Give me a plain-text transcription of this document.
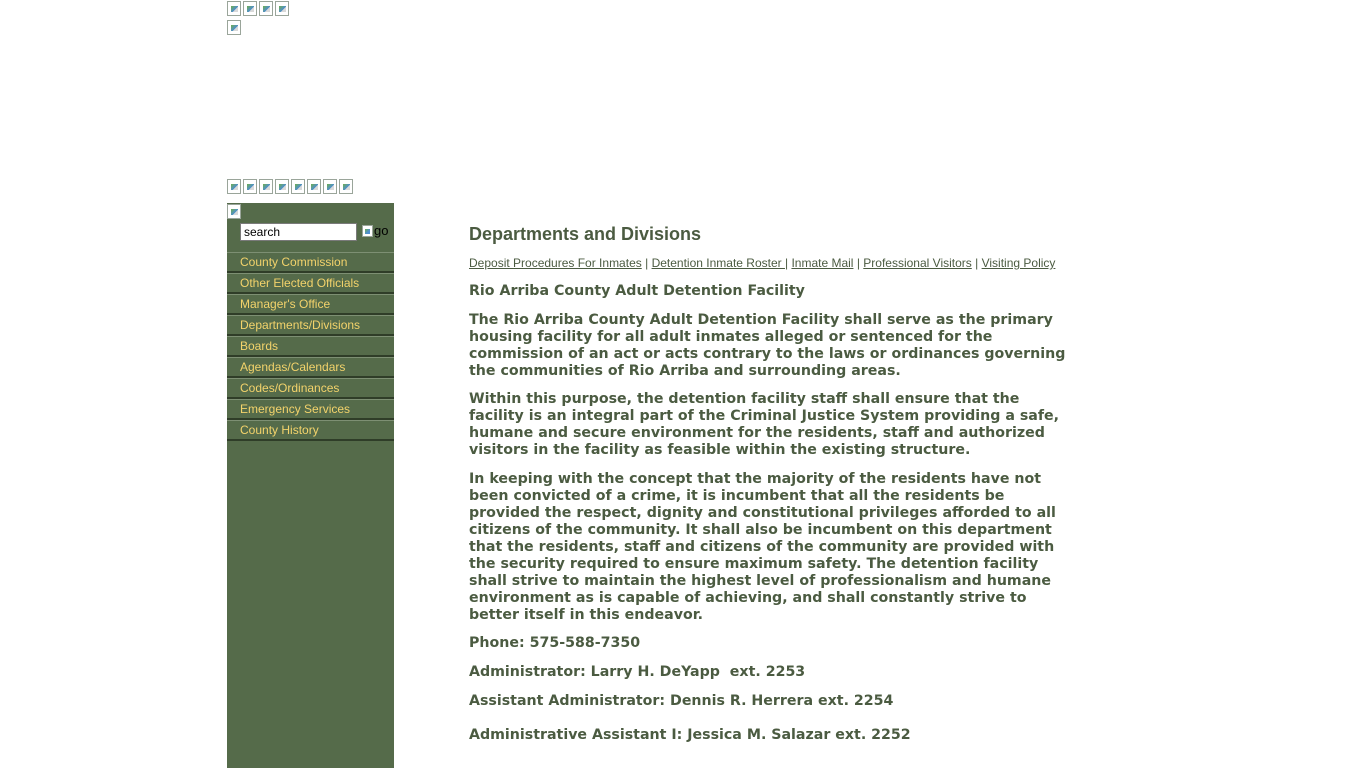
search
go
County Commission
Other Elected Officials
Manager's Office
Departments/Divisions
Boards
Agendas/Calendars
Codes/Ordinances
Emergency Services
County History
Departments and Divisions
Deposit Procedures For Inmates | Detention Inmate Roster | Inmate Mail | Professional Visitors | Visiting Policy

Rio Arriba County Adult Detention Facility

The Rio Arriba County Adult Detention Facility shall serve as the primary housing facility for all adult inmates alleged or sentenced for the commission of an act or acts contrary to the laws or ordinances governing the communities of Rio Arriba and surrounding areas.

Within this purpose, the detention facility staff shall ensure that the facility is an integral part of the Criminal Justice System providing a safe, humane and secure environment for the residents, staff and authorized visitors in the facility as feasible within the existing structure.

In keeping with the concept that the majority of the residents have not been convicted of a crime, it is incumbent that all the residents be provided the respect, dignity and constitutional privileges afforded to all citizens of the community. It shall also be incumbent on this department that the residents, staff and citizens of the community are provided with the security required to ensure maximum safety. The detention facility shall strive to maintain the highest level of professionalism and humane environment as is capable of achieving, and shall constantly strive to better itself in this endeavor.

Phone: 575-588-7350

Administrator: Larry H. DeYapp  ext. 2253

Assistant Administrator: Dennis R. Herrera ext. 2254

Administrative Assistant I: Jessica M. Salazar ext. 2252
